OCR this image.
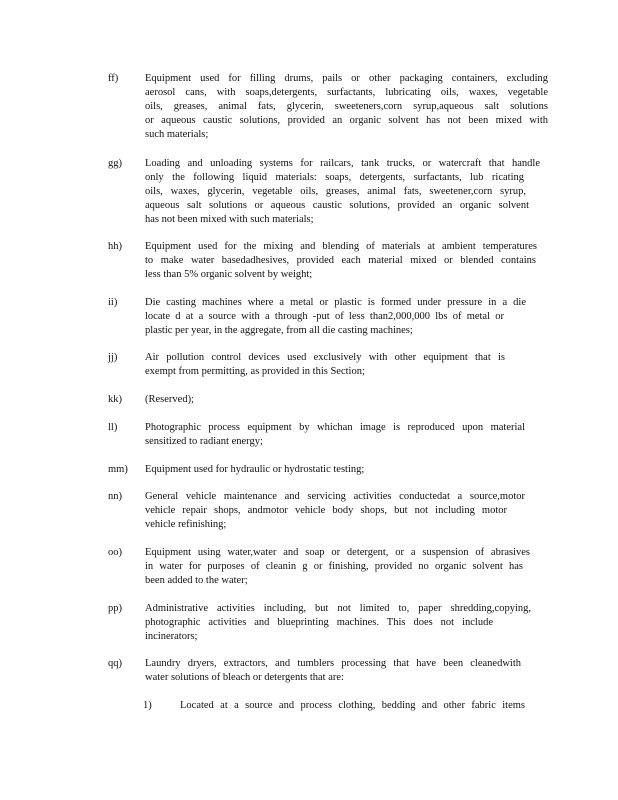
ff)	Equipment used for filling drums, pails or other packaging containers, excluding
aerosol cans, with soaps,detergents, surfactants, lubricating oils, waxes, vegetable
oils, greases, animal fats, glycerin, sweeteners,corn syrup,aqueous salt solutions
or aqueous caustic solutions, provided an organic solvent has not been mixed with
such materials;
gg) Loading and unloading systems for railcars, tank trucks, or watercraft that handle
only the following liquid materials: soaps, detergents, surfactants, lub ricating
oils, waxes, glycerin, vegetable oils, greases, animal fats, sweetener,corn syrup,
aqueous salt solutions or aqueous caustic solutions, provided an organic solvent
has not been mixed with such materials;
hh) Equipment used for the mixing and blending of materials at ambient temperatures
to make water basedadhesives, provided each material mixed or blended contains
less than 5% organic solvent by weight;
ii)	Die casting machines where a metal or plastic is formed under pressure in a die
locate d at a source with a through -put of less than2,000,000 lbs of metal or
plastic per year, in the aggregate, from all die casting machines;
jj)	Air pollution control devices used exclusively with other equipment that is
exempt from permitting, as provided in this Section;
kk) (Reserved);
ll)	Photographic process equipment by whichan image is reproduced upon material
sensitized to radiant energy;
mm) Equipment used for hydraulic or hydrostatic testing;
nn) General vehicle maintenance and servicing activities conductedat a source,motor
vehicle repair shops, andmotor vehicle body shops, but not including motor
vehicle refinishing;
oo) Equipment using water,water and soap or detergent, or a suspension of abrasives
in water for purposes of cleanin g or finishing, provided no organic solvent has
been added to the water;
pp) Administrative activities including, but not limited to, paper shredding,copying,
photographic activities and blueprinting machines. This does not include
incinerators;
qq) Laundry dryers, extractors, and tumblers processing that have been cleanedwith
water solutions of bleach or detergents that are:
1)	Located at a source and process clothing, bedding and other fabric items
